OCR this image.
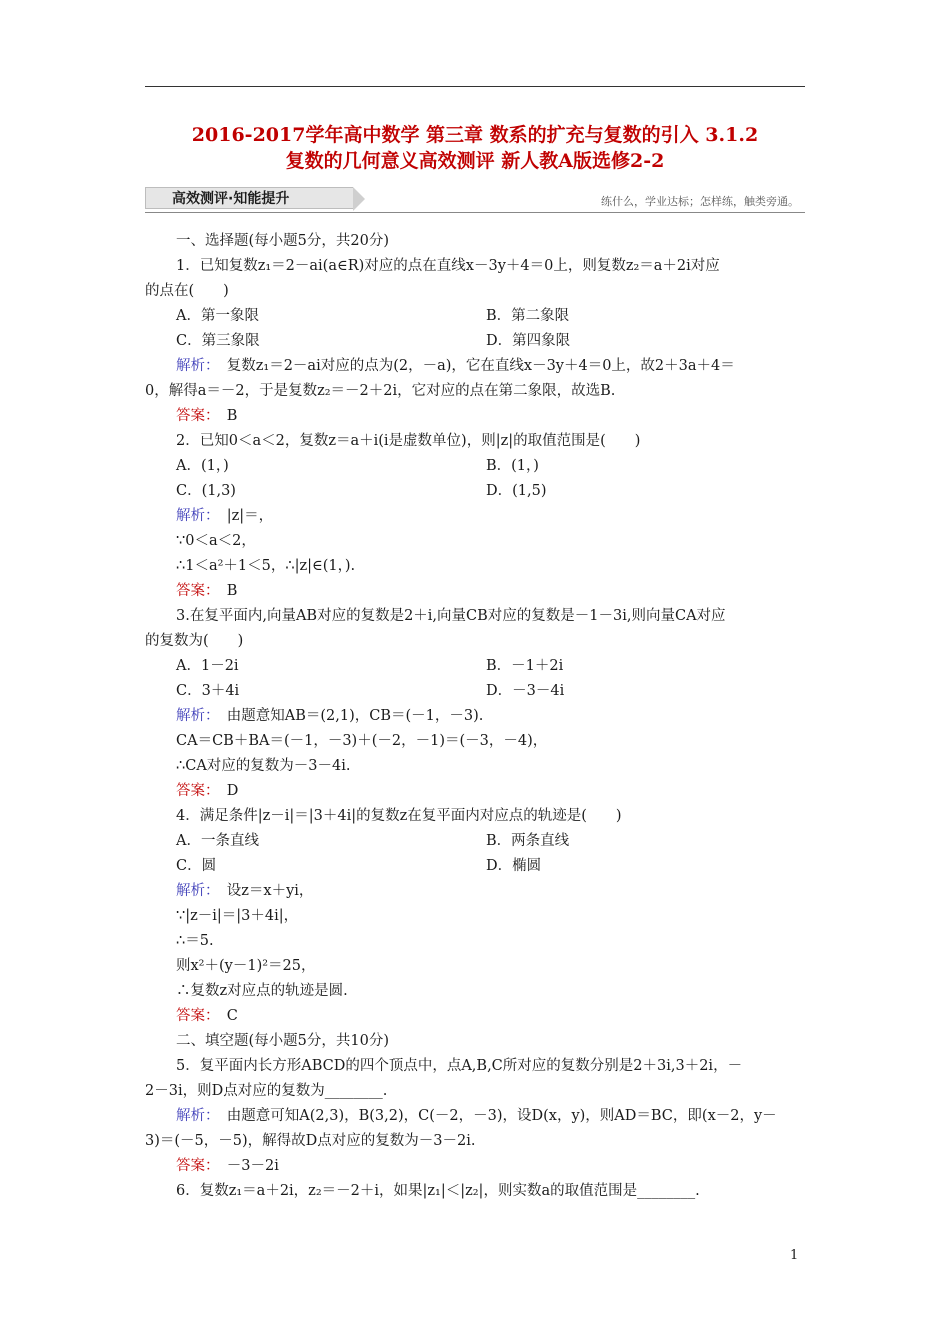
2016-2017学年高中数学 第三章 数系的扩充与复数的引入 3.1.2
复数的几何意义高效测评 新人教A版选修2-2
高效测评·知能提升	练什么，学业达标；怎样练，触类旁通。
一、选择题(每小题5分，共20分)
1．已知复数z₁＝2－ai(a∈R)对应的点在直线x－3y＋4＝0上，则复数z₂＝a＋2i对应
的点在(　　)
A．第一象限	B．第二象限
C．第三象限	D．第四象限
解析：　 复数z₁＝2－ai对应的点为(2，－a)，它在直线x－3y＋4＝0上，故2＋3a＋4＝
0，解得a＝－2，于是复数z₂＝－2＋2i，它对应的点在第二象限，故选B.
答案：　 B
2．已知0＜a＜2，复数z＝a＋i(i是虚数单位)，则|z|的取值范围是(　　)
A．(1，)	B．(1，)
C．(1,3)	D．(1,5)
解析：　 |z|＝，
∵0＜a＜2，
∴1＜a²＋1＜5，∴|z|∈(1，).
答案：　 B
3.在复平面内,向量AB对应的复数是2＋i,向量CB对应的复数是－1－3i,则向量CA对应
的复数为(　　)
A．1－2i	B．－1＋2i
C．3＋4i	D．－3－4i
解析：　 由题意知AB＝(2,1)，CB＝(－1，－3).
CA＝CB＋BA＝(－1，－3)＋(－2，－1)＝(－3，－4)，
∴CA对应的复数为－3－4i.
答案：　 D
4．满足条件|z－i|＝|3＋4i|的复数z在复平面内对应点的轨迹是(　　)
A．一条直线	B．两条直线
C．圆	D．椭圆
解析：　 设z＝x＋yi，
∵|z－i|＝|3＋4i|，
∴＝5.
则x²＋(y－1)²＝25，
∴复数z对应点的轨迹是圆.
答案：　 C
二、填空题(每小题5分，共10分)
5．复平面内长方形ABCD的四个顶点中，点A,B,C所对应的复数分别是2＋3i,3＋2i，－
2－3i，则D点对应的复数为________.
解析：　 由题意可知A(2,3)，B(3,2)，C(－2，－3)，设D(x，y)，则AD＝BC，即(x－2，y－
3)＝(－5，－5)，解得故D点对应的复数为－3－2i.
答案：　 －3－2i
6．复数z₁＝a＋2i，z₂＝－2＋i，如果|z₁|＜|z₂|，则实数a的取值范围是________.
1
